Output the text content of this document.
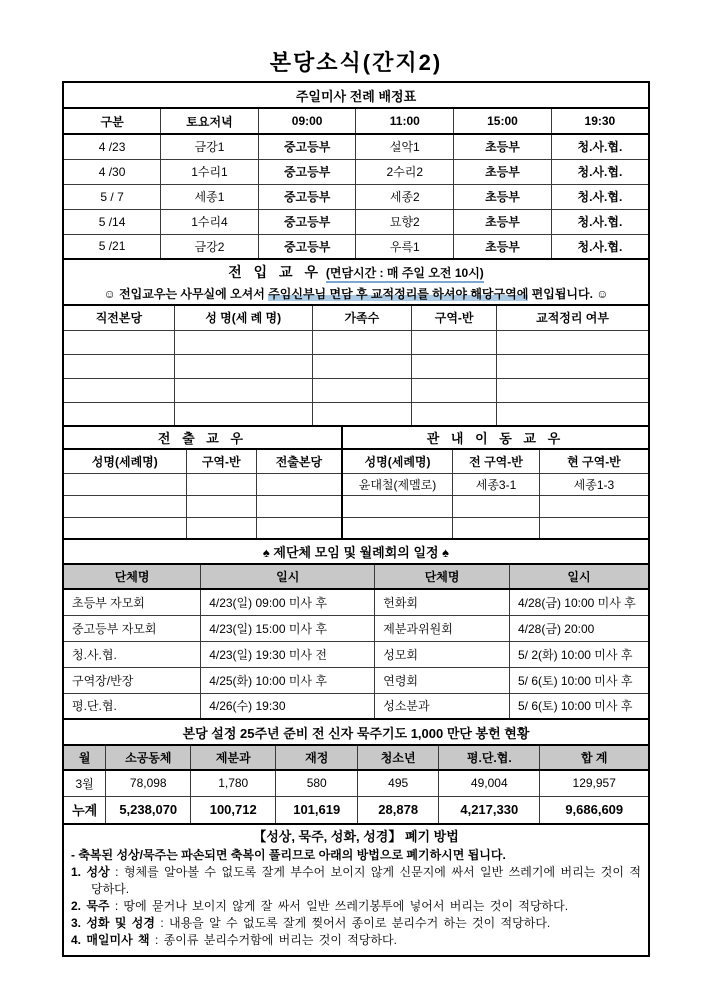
본당소식(간지2)
주일미사 전례 배정표					
구분	토요저녁	09:00	11:00	15:00	19:30
4 /23	금강1	중고등부	설악1	초등부	청.사.협.
4 /30	1수리1	중고등부	2수리2	초등부	청.사.협.
5 / 7	세종1	중고등부	세종2	초등부	청.사.협.
5 /14	1수리4	중고등부	묘향2	초등부	청.사.협.
5 /21	금강2	중고등부	우륵1	초등부	청.사.협.
전 입 교 우 (면담시간 : 매 주일 오전 10시)
☺ 전입교우는 사무실에 오셔서 주임신부님 면담 후 교적정리를 하셔야 해당구역에 편입됩니다. ☺				

직전본당	성 명(세 례 명)	가족수	구역-반	교적정리 여부

전 출 교 우			관 내 이 동 교 우		
성명(세례명)	구역-반	전출본당	성명(세례명)	전 구역-반	현 구역-반
			윤대철(제멜로)	세종3-1	세종1-3

♠ 제단체 모임 및 월례회의 일정 ♠			
단체명	일시	단체명	일시
초등부 자모회	4/23(일) 09:00 미사 후	헌화회	4/28(금) 10:00 미사 후
중고등부 자모회	4/23(일) 15:00 미사 후	제분과위원회	4/28(금) 20:00
청.사.협.	4/23(일) 19:30 미사 전	성모회	5/ 2(화) 10:00 미사 후
구역장/반장	4/25(화) 10:00 미사 후	연령회	5/ 6(토) 10:00 미사 후
평.단.협.	4/26(수) 19:30	성소분과	5/ 6(토) 10:00 미사 후
본당 설정 25주년 준비 전 신자 묵주기도 1,000 만단 봉헌 현황						
월	소공동체	제분과	재정	청소년	평.단.협.	합 계
3월	78,098	1,780	580	495	49,004	129,957
누계	5,238,070	100,712	101,619	28,878	4,217,330	9,686,609
【성상, 묵주, 성화, 성경】 폐기 방법
- 축복된 성상/묵주는 파손되면 축복이 풀리므로 아래의 방법으로 폐기하시면 됩니다.

1. 성상 : 형체를 알아볼 수 없도록 잘게 부수어 보이지 않게 신문지에 싸서 일반 쓰레기에 버리는 것이 적당하다.

2. 묵주 : 땅에 묻거나 보이지 않게 잘 싸서 일반 쓰레기봉투에 넣어서 버리는 것이 적당하다.

3. 성화 및 성경 : 내용을 알 수 없도록 잘게 찢어서 종이로 분리수거 하는 것이 적당하다.

4. 매일미사 책 : 종이류 분리수거함에 버리는 것이 적당하다.
